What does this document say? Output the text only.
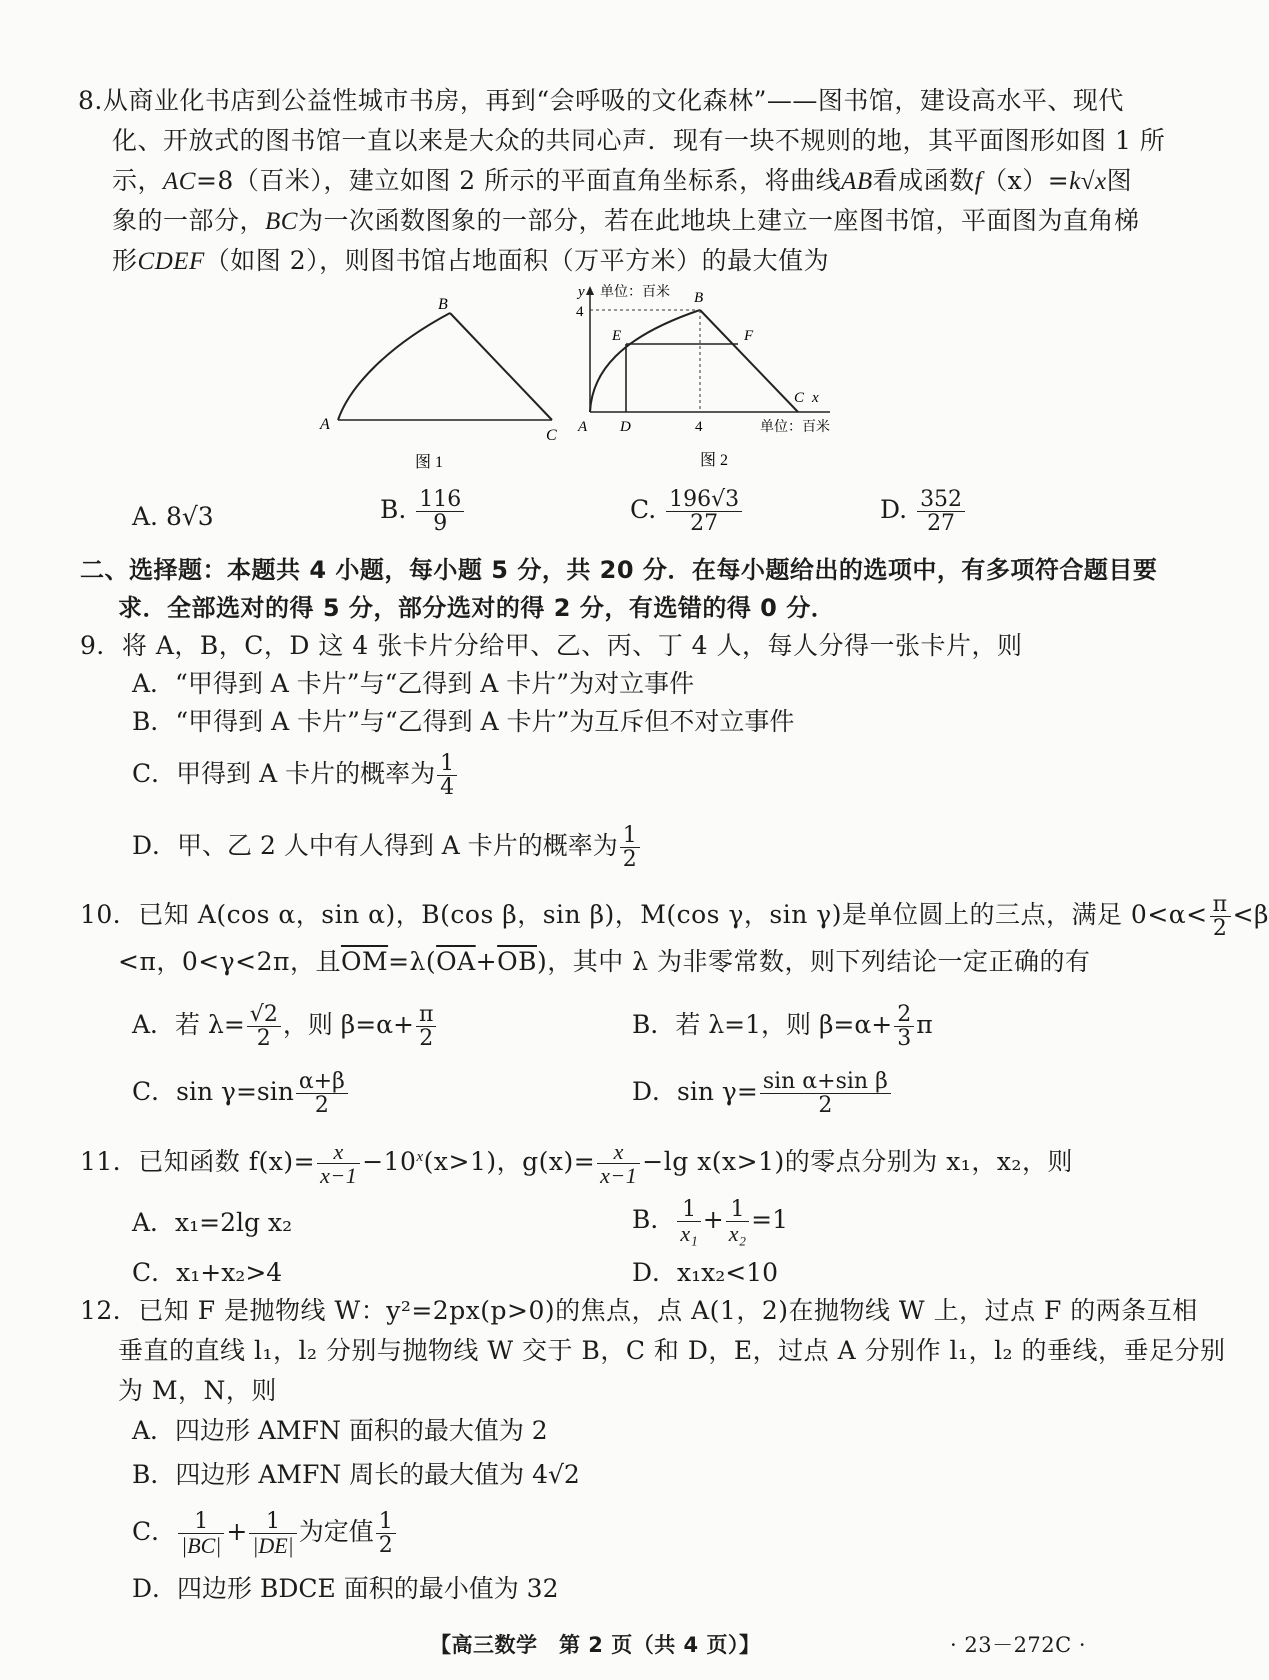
8.从商业化书店到公益性城市书房，再到“会呼吸的文化森林”——图书馆，建设高水平、现代
化、开放式的图书馆一直以来是大众的共同心声．现有一块不规则的地，其平面图形如图 1 所
示，AC=8（百米），建立如图 2 所示的平面直角坐标系，将曲线AB看成函数f（x）=k√x图
象的一部分，BC为一次函数图象的一部分，若在此地块上建立一座图书馆，平面图为直角梯
形CDEF（如图 2），则图书馆占地面积（万平方米）的最大值为
B
A
C
图 1
y 单位：百米 B
4
E	F
C x
A D	4	单位：百米
图 2
A. 8√3	B. $\frac{116}{9}$	C. $\frac{196√3}{27}$	D. $\frac{352}{27}$
二、选择题：本题共 4 小题，每小题 5 分，共 20 分．在每小题给出的选项中，有多项符合题目要
求．全部选对的得 5 分，部分选对的得 2 分，有选错的得 0 分．
9．将 A，B，C，D 这 4 张卡片分给甲、乙、丙、丁 4 人，每人分得一张卡片，则
A．“甲得到 A 卡片”与“乙得到 A 卡片”为对立事件
B．“甲得到 A 卡片”与“乙得到 A 卡片”为互斥但不对立事件
C．甲得到 A 卡片的概率为 $\frac{1}{4}$
D．甲、乙 2 人中有人得到 A 卡片的概率为 $\frac{1}{2}$
10．已知 A(cos α，sin α)，B(cos β，sin β)，M(cos γ，sin γ)是单位圆上的三点，满足 $0<\alpha< \frac{\pi}{2} <\beta$
<π，0<γ<2π，且$\overline{OM}=\lambda(\overline{OA}+\overline{OB})$，其中 λ 为非零常数，则下列结论一定正确的有
A．若 $\lambda= \frac{√2}{2}$ ，则 $\beta=\alpha+ \frac{\pi}{2}$	B．若 λ=1，则 $\beta=\alpha+ \frac{2}{3}$ π
C．$\sin \gamma=\sin \frac{\alpha+\beta}{2}$	D．$\sin \gamma= \frac{\text{sin α+sin β}}{2}$
11．已知函数 $f(x)= \frac{x}{x-1} -10^x(x>1)$，$g(x)= \frac{x}{x-1} -\lg$ x(x>1)的零点分别为 x₁，x₂，则
A．x₁=2lg x₂	B． $\frac{1}{\text{x₁}} + \frac{1}{\text{x₂}} =1$
C．x₁+x₂>4	D．x₁x₂<10
12．已知 F 是抛物线 W：y²=2px(p>0)的焦点，点 A(1，2)在抛物线 W 上，过点 F 的两条互相
垂直的直线 l₁，l₂ 分别与抛物线 W 交于 B，C 和 D，E，过点 A 分别作 l₁，l₂ 的垂线，垂足分别
为 M，N，则
A．四边形 AMFN 面积的最大值为 2
B．四边形 AMFN 周长的最大值为 4√2
C． $\frac{1}{|BC|} + \frac{1}{|DE|}$ 为定值 $\frac{1}{2}$
D．四边形 BDCE 面积的最小值为 32
【高三数学　第 2 页（共 4 页）】	· 23－272C ·
